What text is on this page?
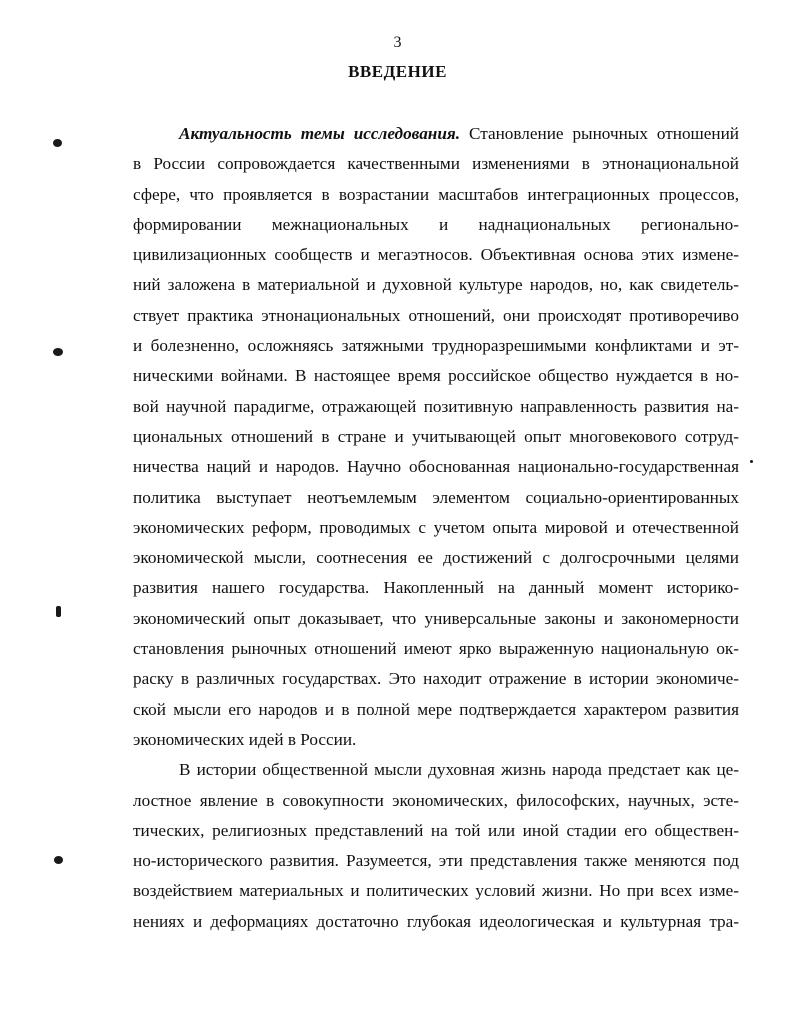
3
ВВЕДЕНИЕ
Актуальность темы исследования. Становление рыночных отношений
в России сопровождается качественными изменениями в этнонациональной
сфере, что проявляется в возрастании масштабов интеграционных процессов,
формировании межнациональных и наднациональных регионально-
цивилизационных сообществ и мегаэтносов. Объективная основа этих измене-
ний заложена в материальной и духовной культуре народов, но, как свидетель-
ствует практика этнонациональных отношений, они происходят противоречиво
и болезненно, осложняясь затяжными трудноразрешимыми конфликтами и эт-
ническими войнами. В настоящее время российское общество нуждается в но-
вой научной парадигме, отражающей позитивную направленность развития на-
циональных отношений в стране и учитывающей опыт многовекового сотруд-
ничества наций и народов. Научно обоснованная национально-государственная
политика выступает неотъемлемым элементом социально-ориентированных
экономических реформ, проводимых с учетом опыта мировой и отечественной
экономической мысли, соотнесения ее достижений с долгосрочными целями
развития нашего государства. Накопленный на данный момент историко-
экономический опыт доказывает, что универсальные законы и закономерности
становления рыночных отношений имеют ярко выраженную национальную ок-
раску в различных государствах. Это находит отражение в истории экономиче-
ской мысли его народов и в полной мере подтверждается характером развития
экономических идей в России.
В истории общественной мысли духовная жизнь народа предстает как це-
лостное явление в совокупности экономических, философских, научных, эсте-
тических, религиозных представлений на той или иной стадии его обществен-
но-исторического развития. Разумеется, эти представления также меняются под
воздействием материальных и политических условий жизни. Но при всех изме-
нениях и деформациях достаточно глубокая идеологическая и культурная тра-
